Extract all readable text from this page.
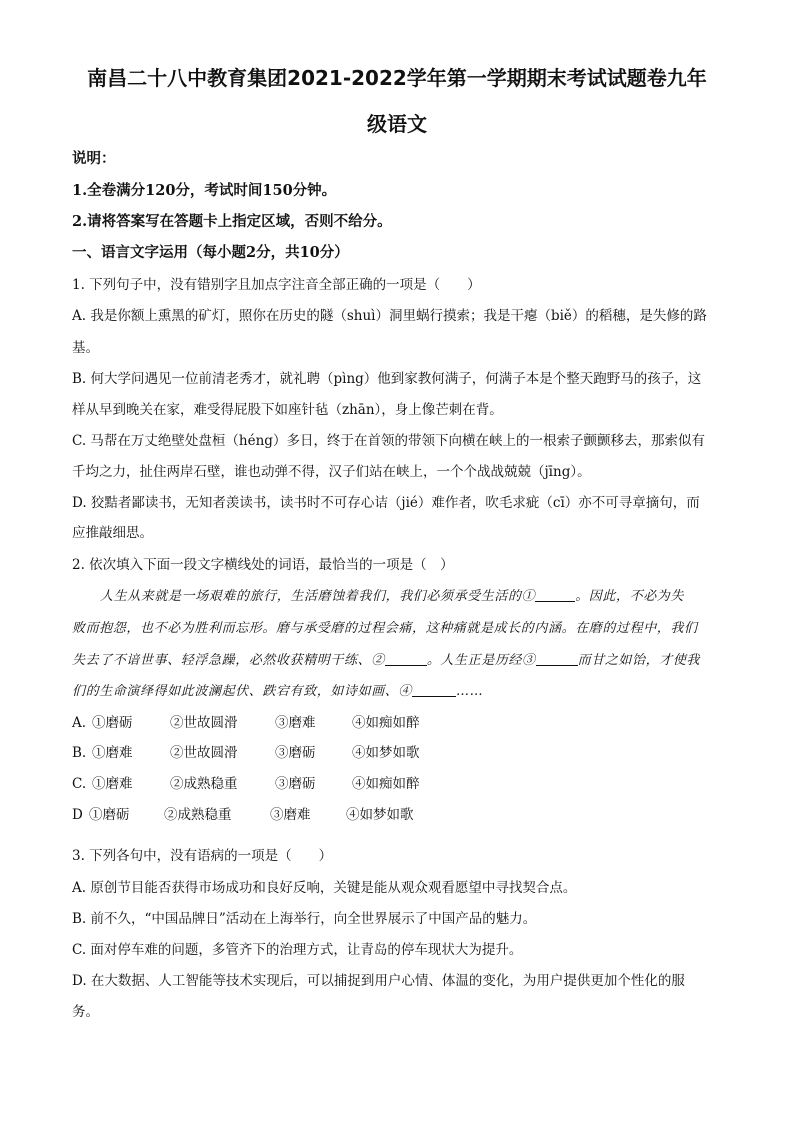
南昌二十八中教育集团2021-2022学年第一学期期末考试试题卷九年
级语文

说明：

1.全卷满分120分，考试时间150分钟。

2.请将答案写在答题卡上指定区域，否则不给分。

一、语言文字运用（每小题2分，共10分）

1. 下列句子中，没有错别字且加点字注音全部正确的一项是（　　）

A. 我是你额上熏黑的矿灯，照你在历史的隧（shuì）洞里蜗行摸索；我是干瘪（biě）的稻穗，是失修的路

基。

B. 何大学问遇见一位前清老秀才，就礼聘（pìng）他到家教何满子，何满子本是个整天跑野马的孩子，这

样从早到晚关在家，难受得屁股下如座针毡（zhān），身上像芒刺在背。

C. 马帮在万丈绝壁处盘桓（héng）多日，终于在首领的带领下向横在峡上的一根索子颤颤移去，那索似有

千均之力，扯住两岸石壁，谁也动弹不得，汉子们站在峡上，一个个战战兢兢（jīng）。

D. 狡黠者鄙读书，无知者羡读书，读书时不可存心诘（jié）难作者，吹毛求疵（cī）亦不可寻章摘句，而

应推敲细思。

2. 依次填入下面一段文字横线处的词语，最恰当的一项是（　）

人生从来就是一场艰难的旅行，生活磨蚀着我们，我们必须承受生活的①	。因此，不必为失

败而抱怨，也不必为胜利而忘形。磨与承受磨的过程会痛，这种痛就是成长的内涵。在磨的过程中，我们

失去了不谙世事、轻浮急躁，必然收获精明干练、②	。人生正是历经③	而甘之如饴，才使我

们的生命演绎得如此波澜起伏、跌宕有致，如诗如画、④	……

A. ①磨砺	②世故圆滑	③磨难	④如痴如醉
B. ①磨难	②世故圆滑	③磨砺	④如梦如歌
C. ①磨难	②成熟稳重	③磨砺	④如痴如醉
D ①磨砺	②成熟稳重	③磨难	④如梦如歌

3. 下列各句中，没有语病的一项是（　　）

A. 原创节目能否获得市场成功和良好反响，关键是能从观众观看愿望中寻找契合点。

B. 前不久，“中国品牌日”活动在上海举行，向全世界展示了中国产品的魅力。

C. 面对停车难的问题，多管齐下的治理方式，让青岛的停车现状大为提升。

D. 在大数据、人工智能等技术实现后，可以捕捉到用户心情、体温的变化，为用户提供更加个性化的服

务。
